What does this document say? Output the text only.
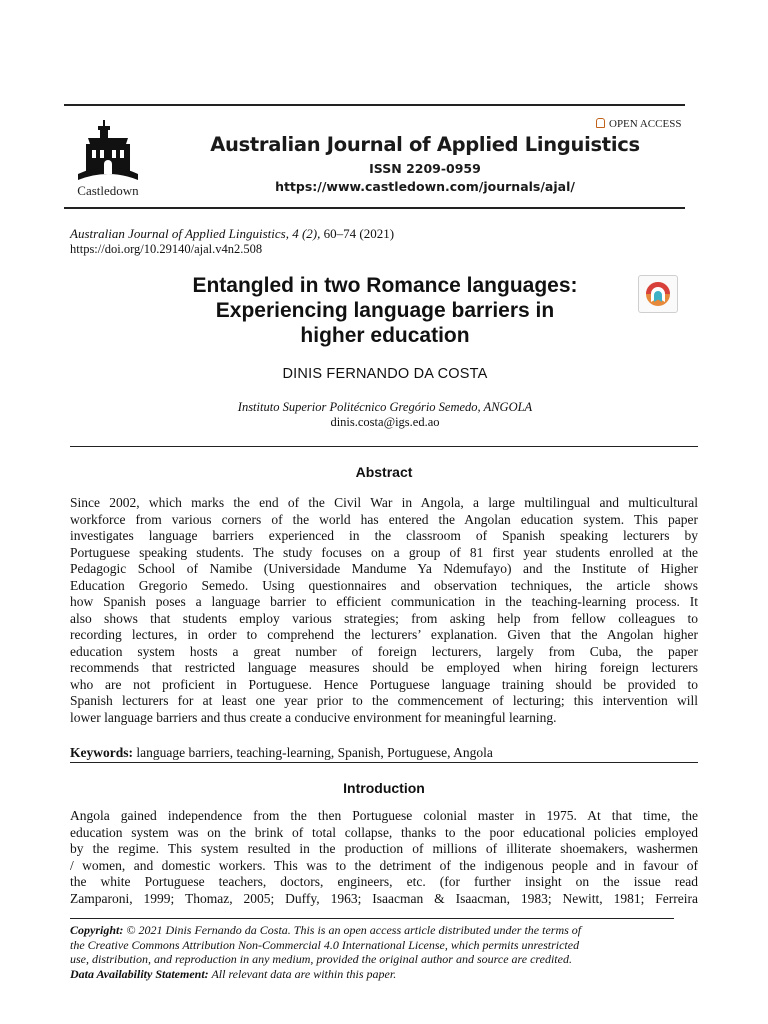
Castledown
OPEN ACCESS
Australian Journal of Applied Linguistics
ISSN 2209-0959
https://www.castledown.com/journals/ajal/
Australian Journal of Applied Linguistics, 4 (2), 60–74 (2021)
https://doi.org/10.29140/ajal.v4n2.508
Entangled in two Romance languages:
Experiencing language barriers in
higher education
DINIS FERNANDO DA COSTA
Instituto Superior Politécnico Gregório Semedo, ANGOLA
dinis.costa@igs.ed.ao
Abstract
Since 2002, which marks the end of the Civil War in Angola, a large multilingual and multicultural
workforce from various corners of the world has entered the Angolan education system. This paper
investigates language barriers experienced in the classroom of Spanish speaking lecturers by
Portuguese speaking students. The study focuses on a group of 81 first year students enrolled at the
Pedagogic School of Namibe (Universidade Mandume Ya Ndemufayo) and the Institute of Higher
Education Gregorio Semedo. Using questionnaires and observation techniques, the article shows
how Spanish poses a language barrier to efficient communication in the teaching-learning process. It
also shows that students employ various strategies; from asking help from fellow colleagues to
recording lectures, in order to comprehend the lecturers’ explanation. Given that the Angolan higher
education system hosts a great number of foreign lecturers, largely from Cuba, the paper
recommends that restricted language measures should be employed when hiring foreign lecturers
who are not proficient in Portuguese. Hence Portuguese language training should be provided to
Spanish lecturers for at least one year prior to the commencement of lecturing; this intervention will
lower language barriers and thus create a conducive environment for meaningful learning.
Keywords: language barriers, teaching-learning, Spanish, Portuguese, Angola
Introduction
Angola gained independence from the then Portuguese colonial master in 1975. At that time, the
education system was on the brink of total collapse, thanks to the poor educational policies employed
by the regime. This system resulted in the production of millions of illiterate shoemakers, washermen
/ women, and domestic workers. This was to the detriment of the indigenous people and in favour of
the white Portuguese teachers, doctors, engineers, etc. (for further insight on the issue read
Zamparoni, 1999; Thomaz, 2005; Duffy, 1963; Isaacman & Isaacman, 1983; Newitt, 1981; Ferreira
Copyright: © 2021 Dinis Fernando da Costa. This is an open access article distributed under the terms of
the Creative Commons Attribution Non-Commercial 4.0 International License, which permits unrestricted
use, distribution, and reproduction in any medium, provided the original author and source are credited.
Data Availability Statement: All relevant data are within this paper.
